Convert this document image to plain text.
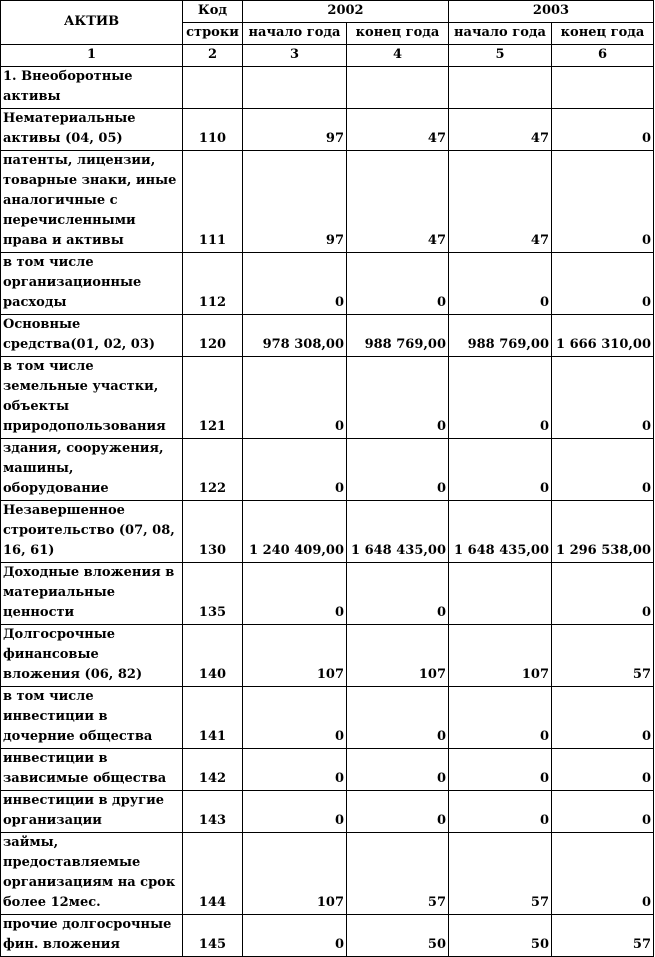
АКТИВ	Код	2002		2003	
	строки	начало года	конец года	начало года	конец года
1	2	3	4	5	6
1. Внеоборотные активы					
Нематериальные активы (04, 05)	110	97	47	47	0
патенты, лицензии, товарные знаки, иные аналогичные с перечисленными права и активы	111	97	47	47	0
в том числе организационные расходы	112	0	0	0	0
Основные средства(01, 02, 03)	120	978 308,00	988 769,00	988 769,00	1 666 310,00
в том числе земельные участки, объекты природопользования	121	0	0	0	0
здания, сооружения, машины, оборудование	122	0	0	0	0
Незавершенное строительство (07, 08, 16, 61)	130	1 240 409,00	1 648 435,00	1 648 435,00	1 296 538,00
Доходные вложения в материальные ценности	135	0	0		0
Долгосрочные финансовые вложения (06, 82)	140	107	107	107	57
в том числе инвестиции в дочерние общества	141	0	0	0	0
инвестиции в зависимые общества	142	0	0	0	0
инвестиции в другие организации	143	0	0	0	0
займы, предоставляемые организациям на срок более 12мес.	144	107	57	57	0
прочие долгосрочные фин. вложения	145	0	50	50	57
